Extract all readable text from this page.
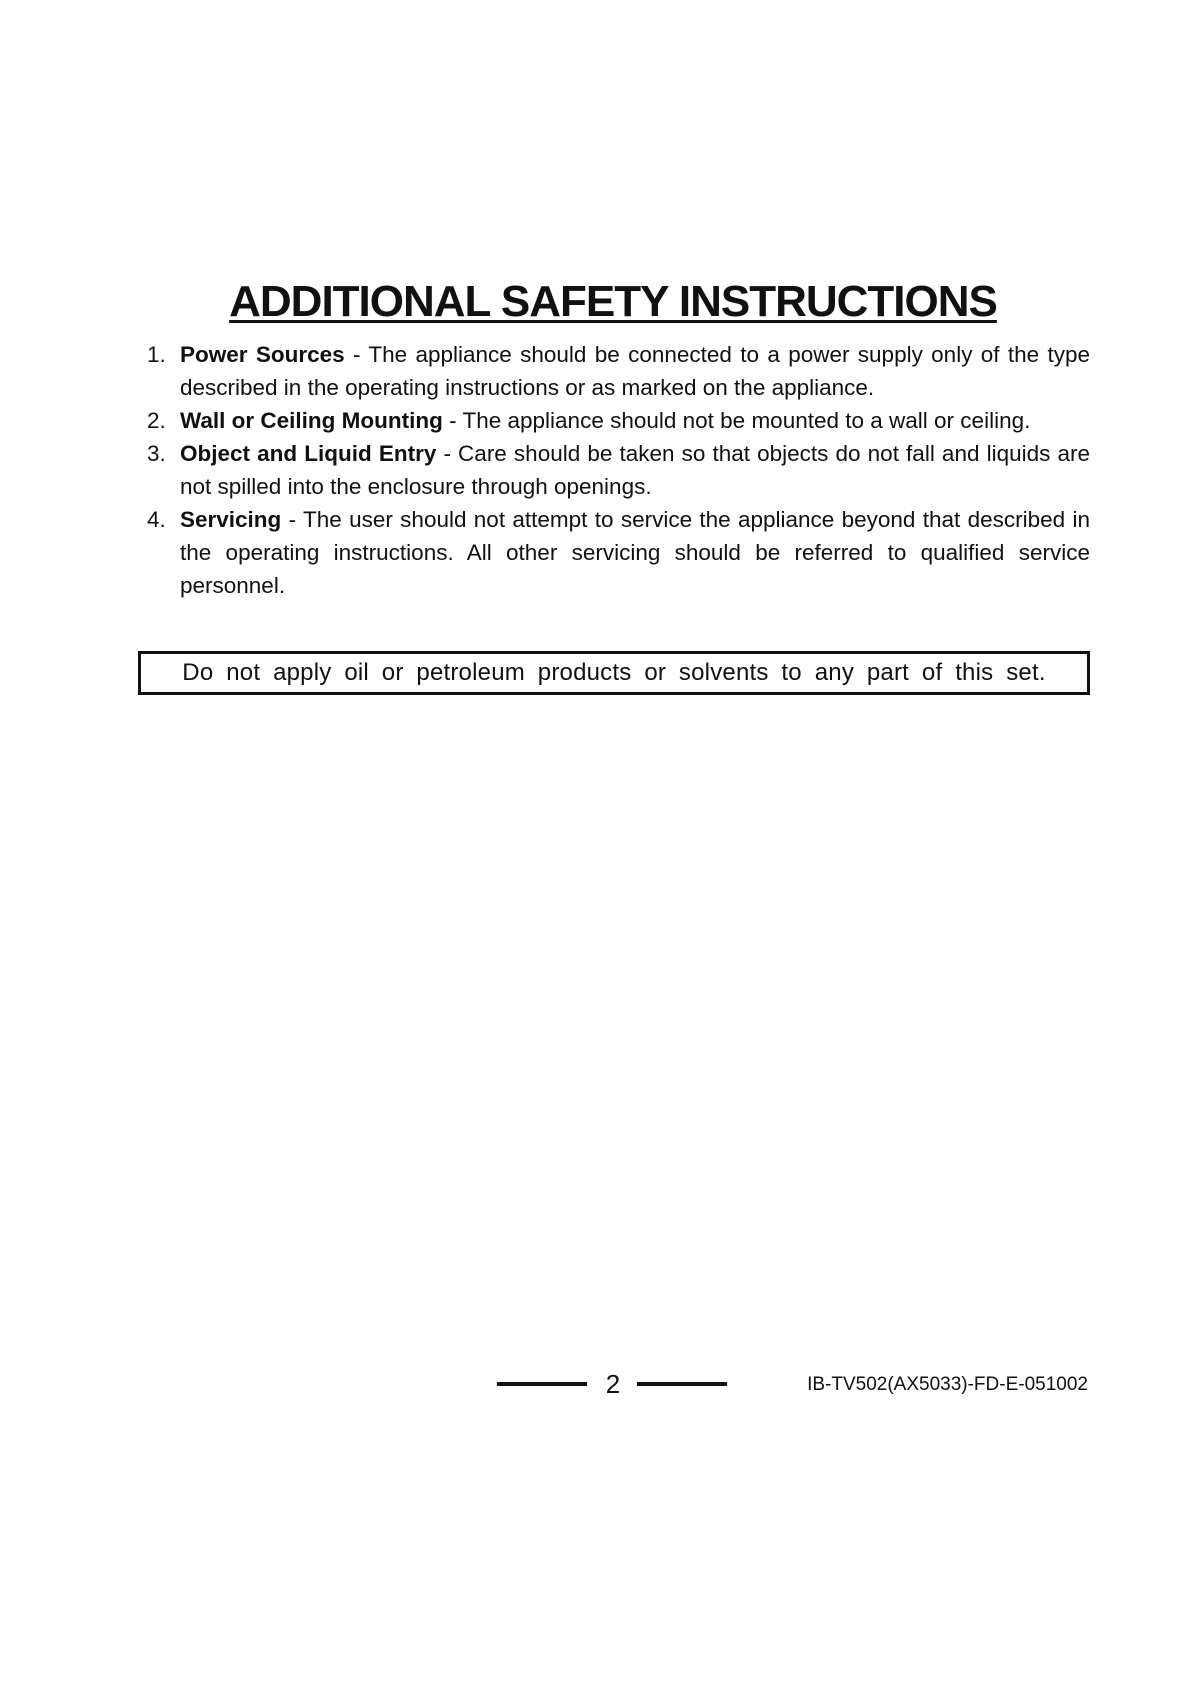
ADDITIONAL SAFETY INSTRUCTIONS
1. Power Sources - The appliance should be connected to a power supply only of the type described in the operating instructions or as marked on the appliance.
2. Wall or Ceiling Mounting - The appliance should not be mounted to a wall or ceiling.
3. Object and Liquid Entry - Care should be taken so that objects do not fall and liquids are not spilled into the enclosure through openings.
4. Servicing - The user should not attempt to service the appliance beyond that described in the operating instructions. All other servicing should be referred to qualified service personnel.
Do not apply oil or petroleum products or solvents to any part of this set.
2	IB-TV502(AX5033)-FD-E-051002
